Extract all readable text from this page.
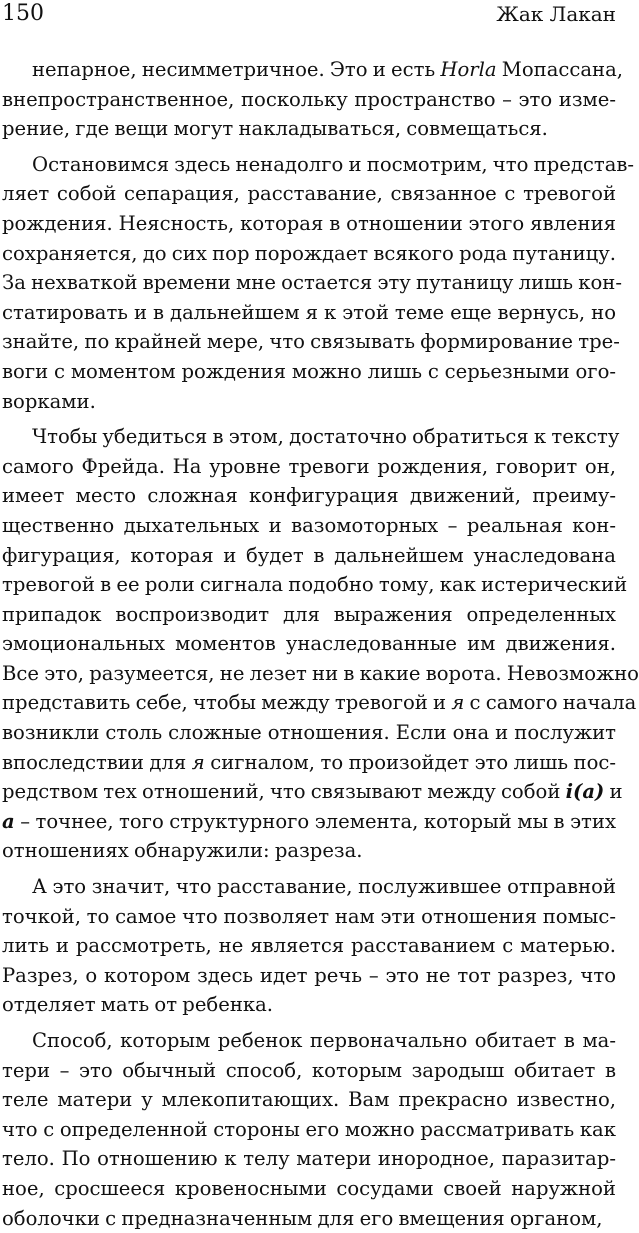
150	Жак Лакан
непарное, несимметричное. Это и есть Horla Мопассана,
внепространственное, поскольку пространство – это изме-
рение, где вещи могут накладываться, совмещаться.
Остановимся здесь ненадолго и посмотрим, что представ-
ляет собой сепарация, расставание, связанное с тревогой
рождения. Неясность, которая в отношении этого явления
сохраняется, до сих пор порождает всякого рода путаницу.
За нехваткой времени мне остается эту путаницу лишь кон-
статировать и в дальнейшем я к этой теме еще вернусь, но
знайте, по крайней мере, что связывать формирование тре-
воги с моментом рождения можно лишь с серьезными ого-
ворками.
Чтобы убедиться в этом, достаточно обратиться к тексту
самого Фрейда. На уровне тревоги рождения, говорит он,
имеет место сложная конфигурация движений, преиму-
щественно дыхательных и вазомоторных – реальная кон-
фигурация, которая и будет в дальнейшем унаследована
тревогой в ее роли сигнала подобно тому, как истерический
припадок воспроизводит для выражения определенных
эмоциональных моментов унаследованные им движения.
Все это, разумеется, не лезет ни в какие ворота. Невозможно
представить себе, чтобы между тревогой и я с самого начала
возникли столь сложные отношения. Если она и послужит
впоследствии для я сигналом, то произойдет это лишь пос-
редством тех отношений, что связывают между собой i(a) и
a – точнее, того структурного элемента, который мы в этих
отношениях обнаружили: разреза.
А это значит, что расставание, послужившее отправной
точкой, то самое что позволяет нам эти отношения помыс-
лить и рассмотреть, не является расставанием с матерью.
Разрез, о котором здесь идет речь – это не тот разрез, что
отделяет мать от ребенка.
Способ, которым ребенок первоначально обитает в ма-
тери – это обычный способ, которым зародыш обитает в
теле матери у млекопитающих. Вам прекрасно известно,
что с определенной стороны его можно рассматривать как
тело. По отношению к телу матери инородное, паразитар-
ное, сросшееся кровеносными сосудами своей наружной
оболочки с предназначенным для его вмещения органом,
